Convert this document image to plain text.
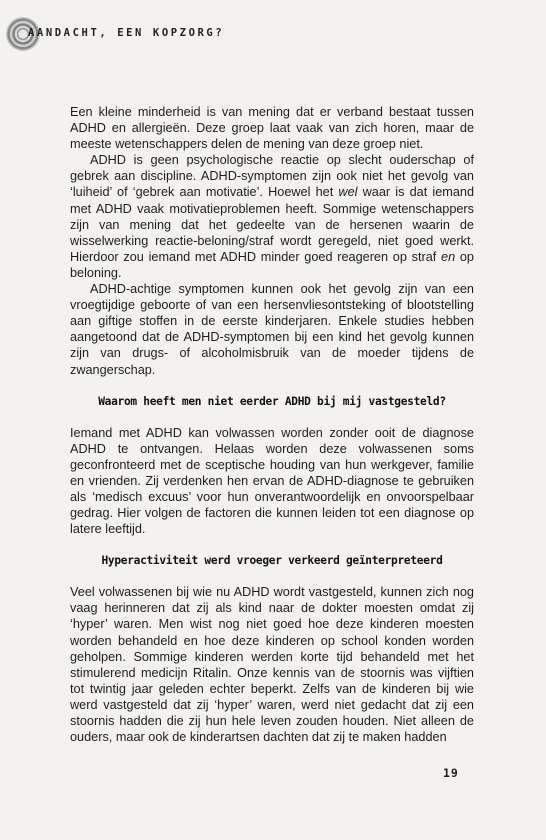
AANDACHT, EEN KOPZORG?

Een kleine minderheid is van mening dat er verband bestaat tussen ADHD en allergieën. Deze groep laat vaak van zich horen, maar de meeste wetenschappers delen de mening van deze groep niet.

ADHD is geen psychologische reactie op slecht ouderschap of gebrek aan discipline. ADHD-symptomen zijn ook niet het gevolg van ‘luiheid’ of ‘gebrek aan motivatie’. Hoewel het wel waar is dat iemand met ADHD vaak motivatieproblemen heeft. Sommige wetenschappers zijn van mening dat het gedeelte van de hersenen waarin de wisselwerking reactie-beloning/straf wordt geregeld, niet goed werkt. Hierdoor zou iemand met ADHD minder goed reageren op straf en op beloning.

ADHD-achtige symptomen kunnen ook het gevolg zijn van een vroegtijdige geboorte of van een hersenvliesontsteking of blootstelling aan giftige stoffen in de eerste kinderjaren. Enkele studies hebben aangetoond dat de ADHD-symptomen bij een kind het gevolg kunnen zijn van drugs- of alcoholmisbruik van de moeder tijdens de zwangerschap.

Waarom heeft men niet eerder ADHD bij mij vastgesteld?

Iemand met ADHD kan volwassen worden zonder ooit de diagnose ADHD te ontvangen. Helaas worden deze volwassenen soms geconfronteerd met de sceptische houding van hun werkgever, familie en vrienden. Zij verdenken hen ervan de ADHD-diagnose te gebruiken als ‘medisch excuus’ voor hun onverantwoordelijk en onvoorspelbaar gedrag. Hier volgen de factoren die kunnen leiden tot een diagnose op latere leeftijd.

Hyperactiviteit werd vroeger verkeerd geïnterpreteerd

Veel volwassenen bij wie nu ADHD wordt vastgesteld, kunnen zich nog vaag herinneren dat zij als kind naar de dokter moesten omdat zij ‘hyper’ waren. Men wist nog niet goed hoe deze kinderen moesten worden behandeld en hoe deze kinderen op school konden worden geholpen. Sommige kinderen werden korte tijd behandeld met het stimulerend medicijn Ritalin. Onze kennis van de stoornis was vijftien tot twintig jaar geleden echter beperkt. Zelfs van de kinderen bij wie werd vastgesteld dat zij ‘hyper’ waren, werd niet gedacht dat zij een stoornis hadden die zij hun hele leven zouden houden. Niet alleen de ouders, maar ook de kinderartsen dachten dat zij te maken hadden

19
